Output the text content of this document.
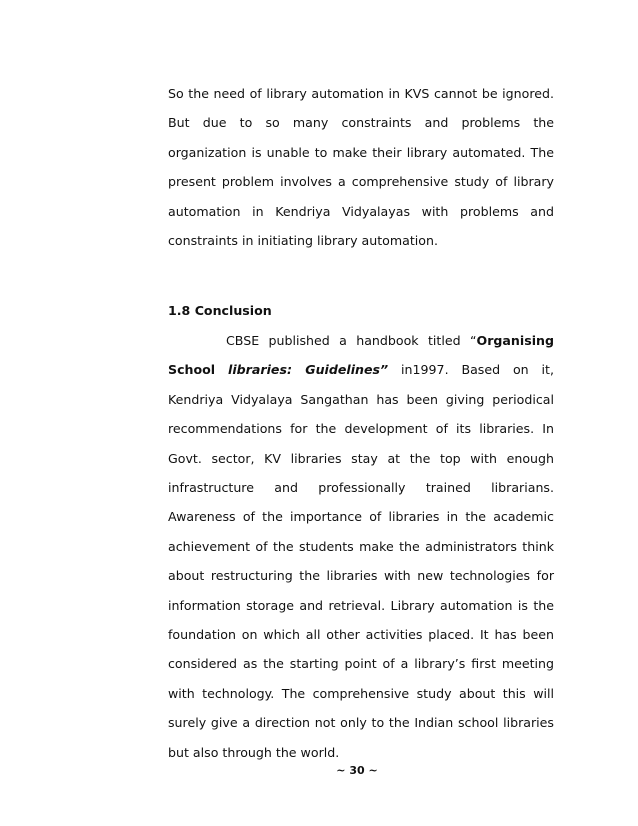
So the need of library automation in KVS cannot be ignored. But due to so many constraints and problems the organization is unable to make their library automated. The present problem involves a comprehensive study of library automation in Kendriya Vidyalayas with problems and constraints in initiating library automation.

1.8 Conclusion

CBSE published a handbook titled “Organising School libraries: Guidelines” in1997. Based on it, Kendriya Vidyalaya Sangathan has been giving periodical recommendations for the development of its libraries. In Govt. sector, KV libraries stay at the top with enough infrastructure and professionally trained librarians. Awareness of the importance of libraries in the academic achievement of the students make the administrators think about restructuring the libraries with new technologies for information storage and retrieval. Library automation is the foundation on which all other activities placed. It has been considered as the starting point of a library’s first meeting with technology. The comprehensive study about this will surely give a direction not only to the Indian school libraries but also through the world.

~ 30 ~
